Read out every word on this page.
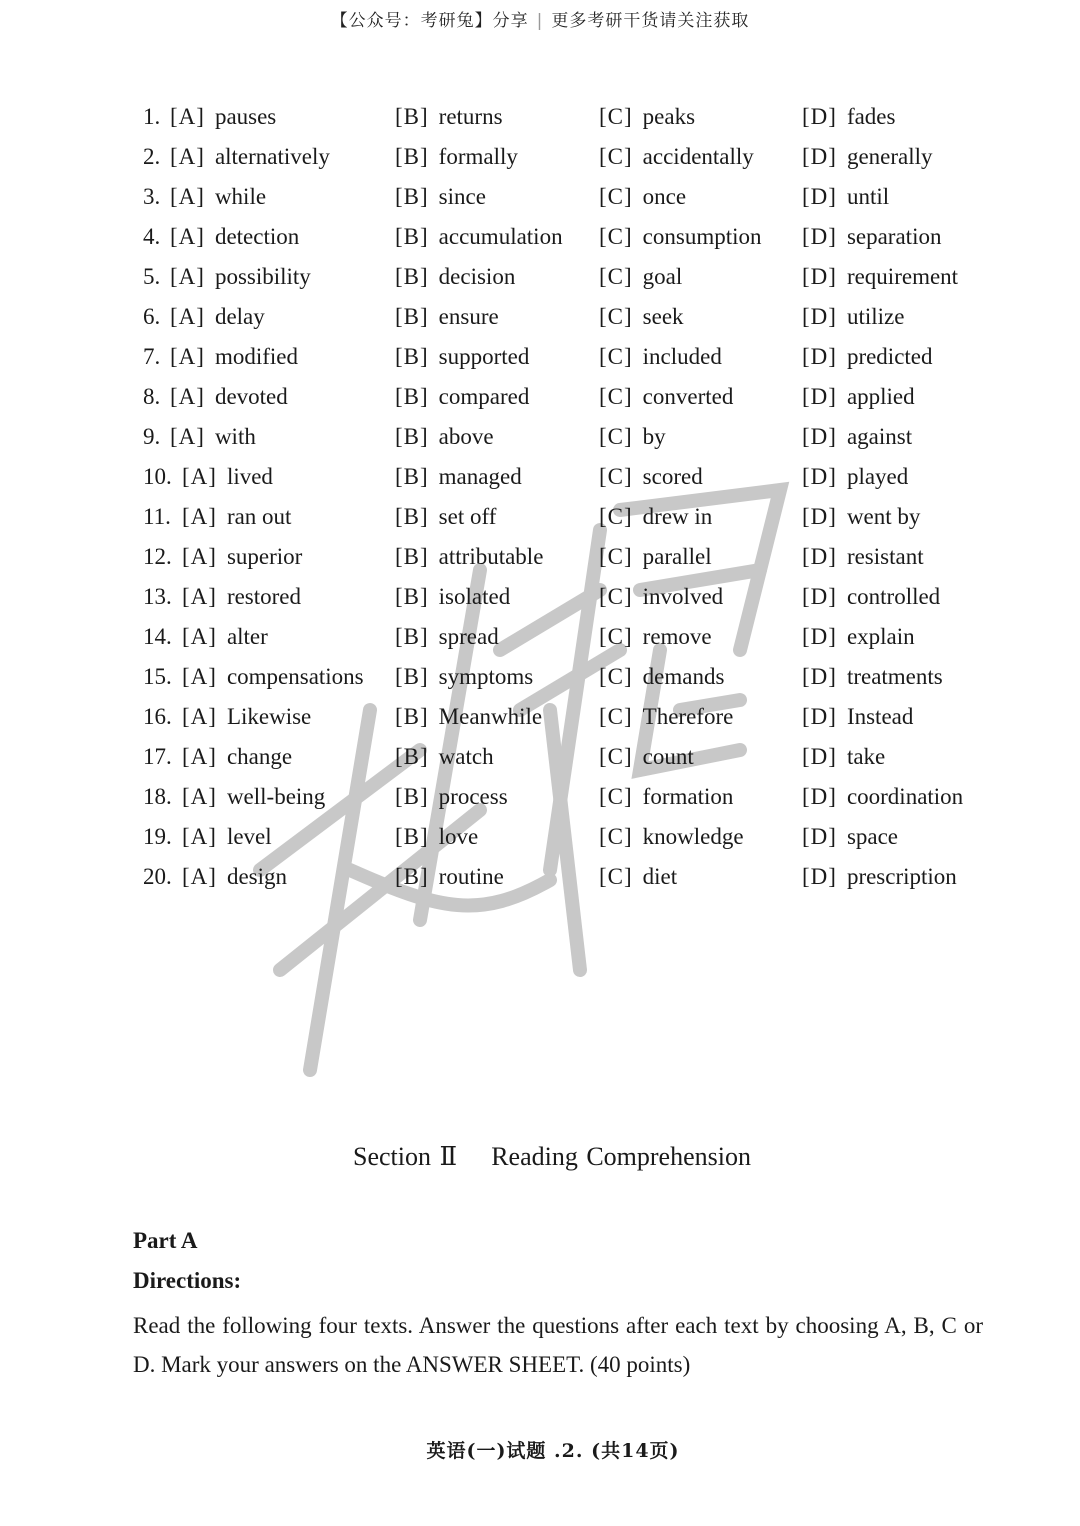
【公众号：考研兔】分享 | 更多考研干货请关注获取
1. [A] pauses	[B] returns	[C] peaks	[D] fades
2. [A] alternatively	[B] formally	[C] accidentally [D] generally
3. [A] while	[B] since	[C] once	[D] until
4. [A] detection	[B] accumulation [C] consumption [D] separation
5. [A] possibility	[B] decision	[C] goal	[D] requirement
6. [A] delay	[B] ensure	[C] seek	[D] utilize
7. [A] modified	[B] supported	[C] included	[D] predicted
8. [A] devoted	[B] compared	[C] converted	[D] applied
9. [A] with	[B] above	[C] by	[D] against
10. [A] lived	[B] managed	[C] scored	[D] played
11. [A] ran out	[B] set off	[C] drew in	[D] went by
12. [A] superior	[B] attributable [C] parallel	[D] resistant
13. [A] restored	[B] isolated	[C] involved	[D] controlled
14. [A] alter	[B] spread	[C] remove	[D] explain
15. [A] compensations [B] symptoms	[C] demands	[D] treatments
16. [A] Likewise	[B] Meanwhile [C] Therefore	[D] Instead
17. [A] change	[B] watch	[C] count	[D] take
18. [A] well-being	[B] process	[C] formation	[D] coordination
19. [A] level	[B] love	[C] knowledge	[D] space
20. [A] design	[B] routine	[C] diet	[D] prescription
Section Ⅱ Reading Comprehension
Part A
Directions:
Read the following four texts. Answer the questions after each text by choosing A, B, C or D. Mark your answers on the ANSWER SHEET. (40 points)
英语(一)试题 .2. (共14页)
